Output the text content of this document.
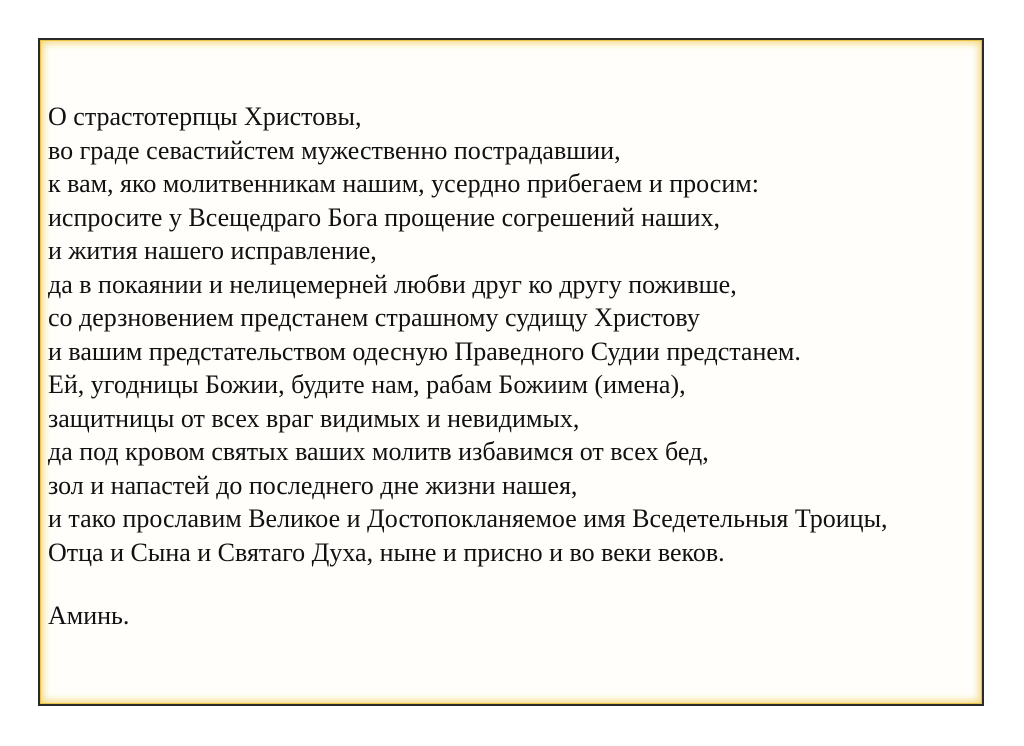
О страстотерпцы Христовы,
во граде севастийстем мужественно пострадавшии,
к вам, яко молитвенникам нашим, усердно прибегаем и просим:
испросите у Всещедраго Бога прощение согрешений наших,
и жития нашего исправление,
да в покаянии и нелицемерней любви друг ко другу поживше,
со дерзновением предстанем страшному судищу Христову
и вашим предстательством одесную Праведного Судии предстанем.
Ей, угодницы Божии, будите нам, рабам Божиим (имена),
защитницы от всех враг видимых и невидимых,
да под кровом святых ваших молитв избавимся от всех бед,
зол и напастей до последнего дне жизни нашея,
и тако прославим Великое и Достопокланяемое имя Вседетельныя Троицы,
Отца и Сына и Святаго Духа, ныне и присно и во веки веков.

Аминь.
